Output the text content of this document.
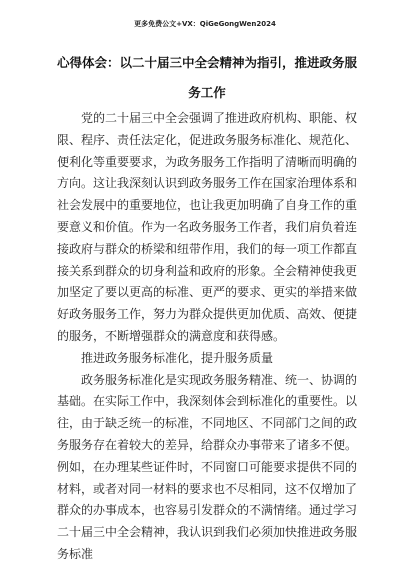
更多免费公文+VX：QiGeGongWen2024
心得体会：以二十届三中全会精神为指引，推进政务服务工作

党的二十届三中全会强调了推进政府机构、职能、权限、程序、责任法定化，促进政务服务标准化、规范化、便利化等重要要求，为政务服务工作指明了清晰而明确的方向。这让我深刻认识到政务服务工作在国家治理体系和社会发展中的重要地位，也让我更加明确了自身工作的重要意义和价值。作为一名政务服务工作者，我们肩负着连接政府与群众的桥梁和纽带作用，我们的每一项工作都直接关系到群众的切身利益和政府的形象。全会精神使我更加坚定了要以更高的标准、更严的要求、更实的举措来做好政务服务工作，努力为群众提供更加优质、高效、便捷的服务，不断增强群众的满意度和获得感。

推进政务服务标准化，提升服务质量

政务服务标准化是实现政务服务精准、统一、协调的基础。在实际工作中，我深刻体会到标准化的重要性。以往，由于缺乏统一的标准，不同地区、不同部门之间的政务服务存在着较大的差异，给群众办事带来了诸多不便。例如，在办理某些证件时，不同窗口可能要求提供不同的材料，或者对同一材料的要求也不尽相同，这不仅增加了群众的办事成本，也容易引发群众的不满情绪。通过学习二十届三中全会精神，我认识到我们必须加快推进政务服务标准
